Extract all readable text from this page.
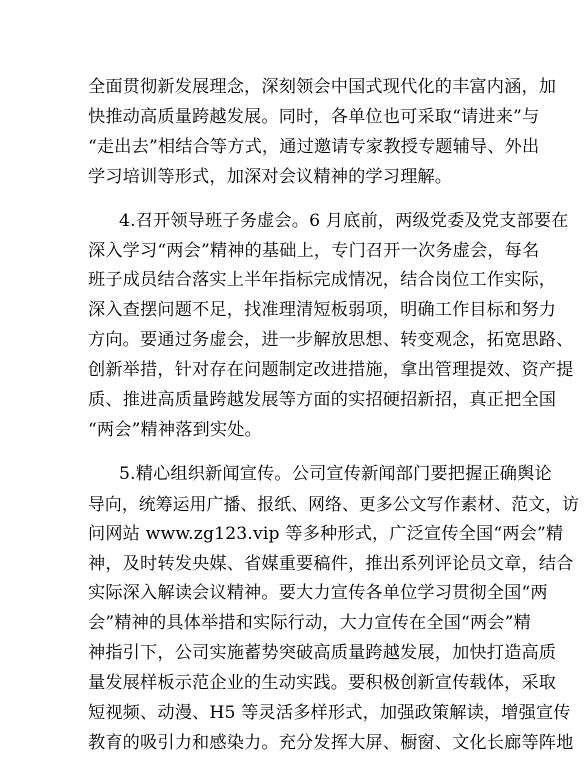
全面贯彻新发展理念，深刻领会中国式现代化的丰富内涵，加
快推动高质量跨越发展。同时，各单位也可采取“请进来”与
“走出去”相结合等方式，通过邀请专家教授专题辅导、外出
学习培训等形式，加深对会议精神的学习理解。
4.召开领导班子务虚会。6 月底前，两级党委及党支部要在
深入学习“两会”精神的基础上，专门召开一次务虚会，每名
班子成员结合落实上半年指标完成情况，结合岗位工作实际，
深入查摆问题不足，找准理清短板弱项，明确工作目标和努力
方向。要通过务虚会，进一步解放思想、转变观念，拓宽思路、
创新举措，针对存在问题制定改进措施，拿出管理提效、资产提
质、推进高质量跨越发展等方面的实招硬招新招，真正把全国
“两会”精神落到实处。
5.精心组织新闻宣传。公司宣传新闻部门要把握正确舆论
导向，统筹运用广播、报纸、网络、更多公文写作素材、范文，访
问网站 www.zg123.vip 等多种形式，广泛宣传全国“两会”精
神，及时转发央媒、省媒重要稿件，推出系列评论员文章，结合
实际深入解读会议精神。要大力宣传各单位学习贯彻全国“两
会”精神的具体举措和实际行动，大力宣传在全国“两会”精
神指引下，公司实施蓄势突破高质量跨越发展，加快打造高质
量发展样板示范企业的生动实践。要积极创新宣传载体，采取
短视频、动漫、H5 等灵活多样形式，加强政策解读，增强宣传
教育的吸引力和感染力。充分发挥大屏、橱窗、文化长廊等阵地
